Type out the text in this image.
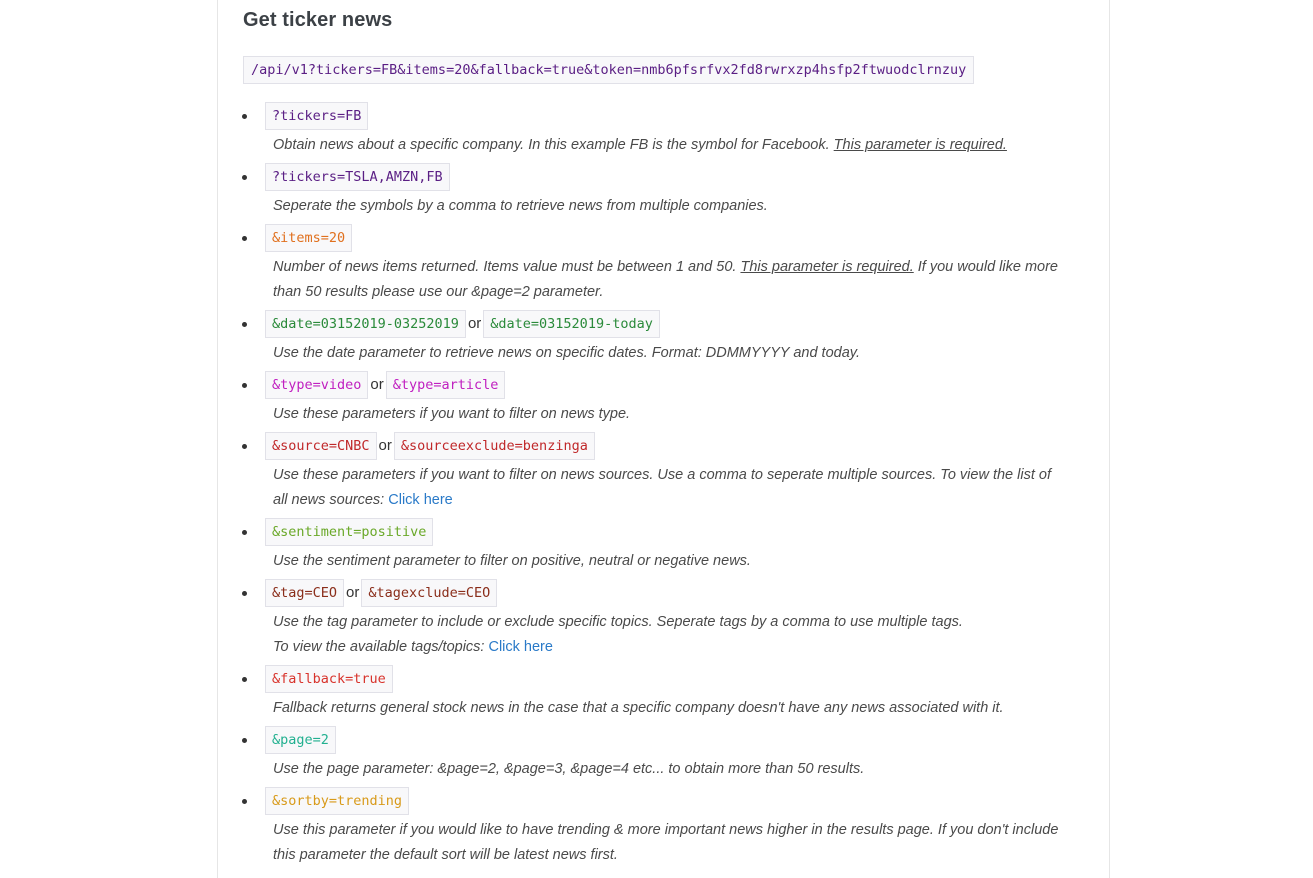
Get ticker news
/api/v1?tickers=FB&items=20&fallback=true&token=nmb6pfsrfvx2fd8rwrxzp4hsfp2ftwuodclrnzuy
?tickers=FB
Obtain news about a specific company. In this example FB is the symbol for Facebook. This parameter is required.
?tickers=TSLA,AMZN,FB
Seperate the symbols by a comma to retrieve news from multiple companies.
&items=20
Number of news items returned. Items value must be between 1 and 50. This parameter is required. If you would like more than 50 results please use our &page=2 parameter.
&date=03152019-03252019 or &date=03152019-today
Use the date parameter to retrieve news on specific dates. Format: DDMMYYYY and today.
&type=video or &type=article
Use these parameters if you want to filter on news type.
&source=CNBC or &sourceexclude=benzinga
Use these parameters if you want to filter on news sources. Use a comma to seperate multiple sources. To view the list of all news sources: Click here
&sentiment=positive
Use the sentiment parameter to filter on positive, neutral or negative news.
&tag=CEO or &tagexclude=CEO
Use the tag parameter to include or exclude specific topics. Seperate tags by a comma to use multiple tags.
To view the available tags/topics: Click here
&fallback=true
Fallback returns general stock news in the case that a specific company doesn't have any news associated with it.
&page=2
Use the page parameter: &page=2, &page=3, &page=4 etc... to obtain more than 50 results.
&sortby=trending
Use this parameter if you would like to have trending & more important news higher in the results page. If you don't include this parameter the default sort will be latest news first.
